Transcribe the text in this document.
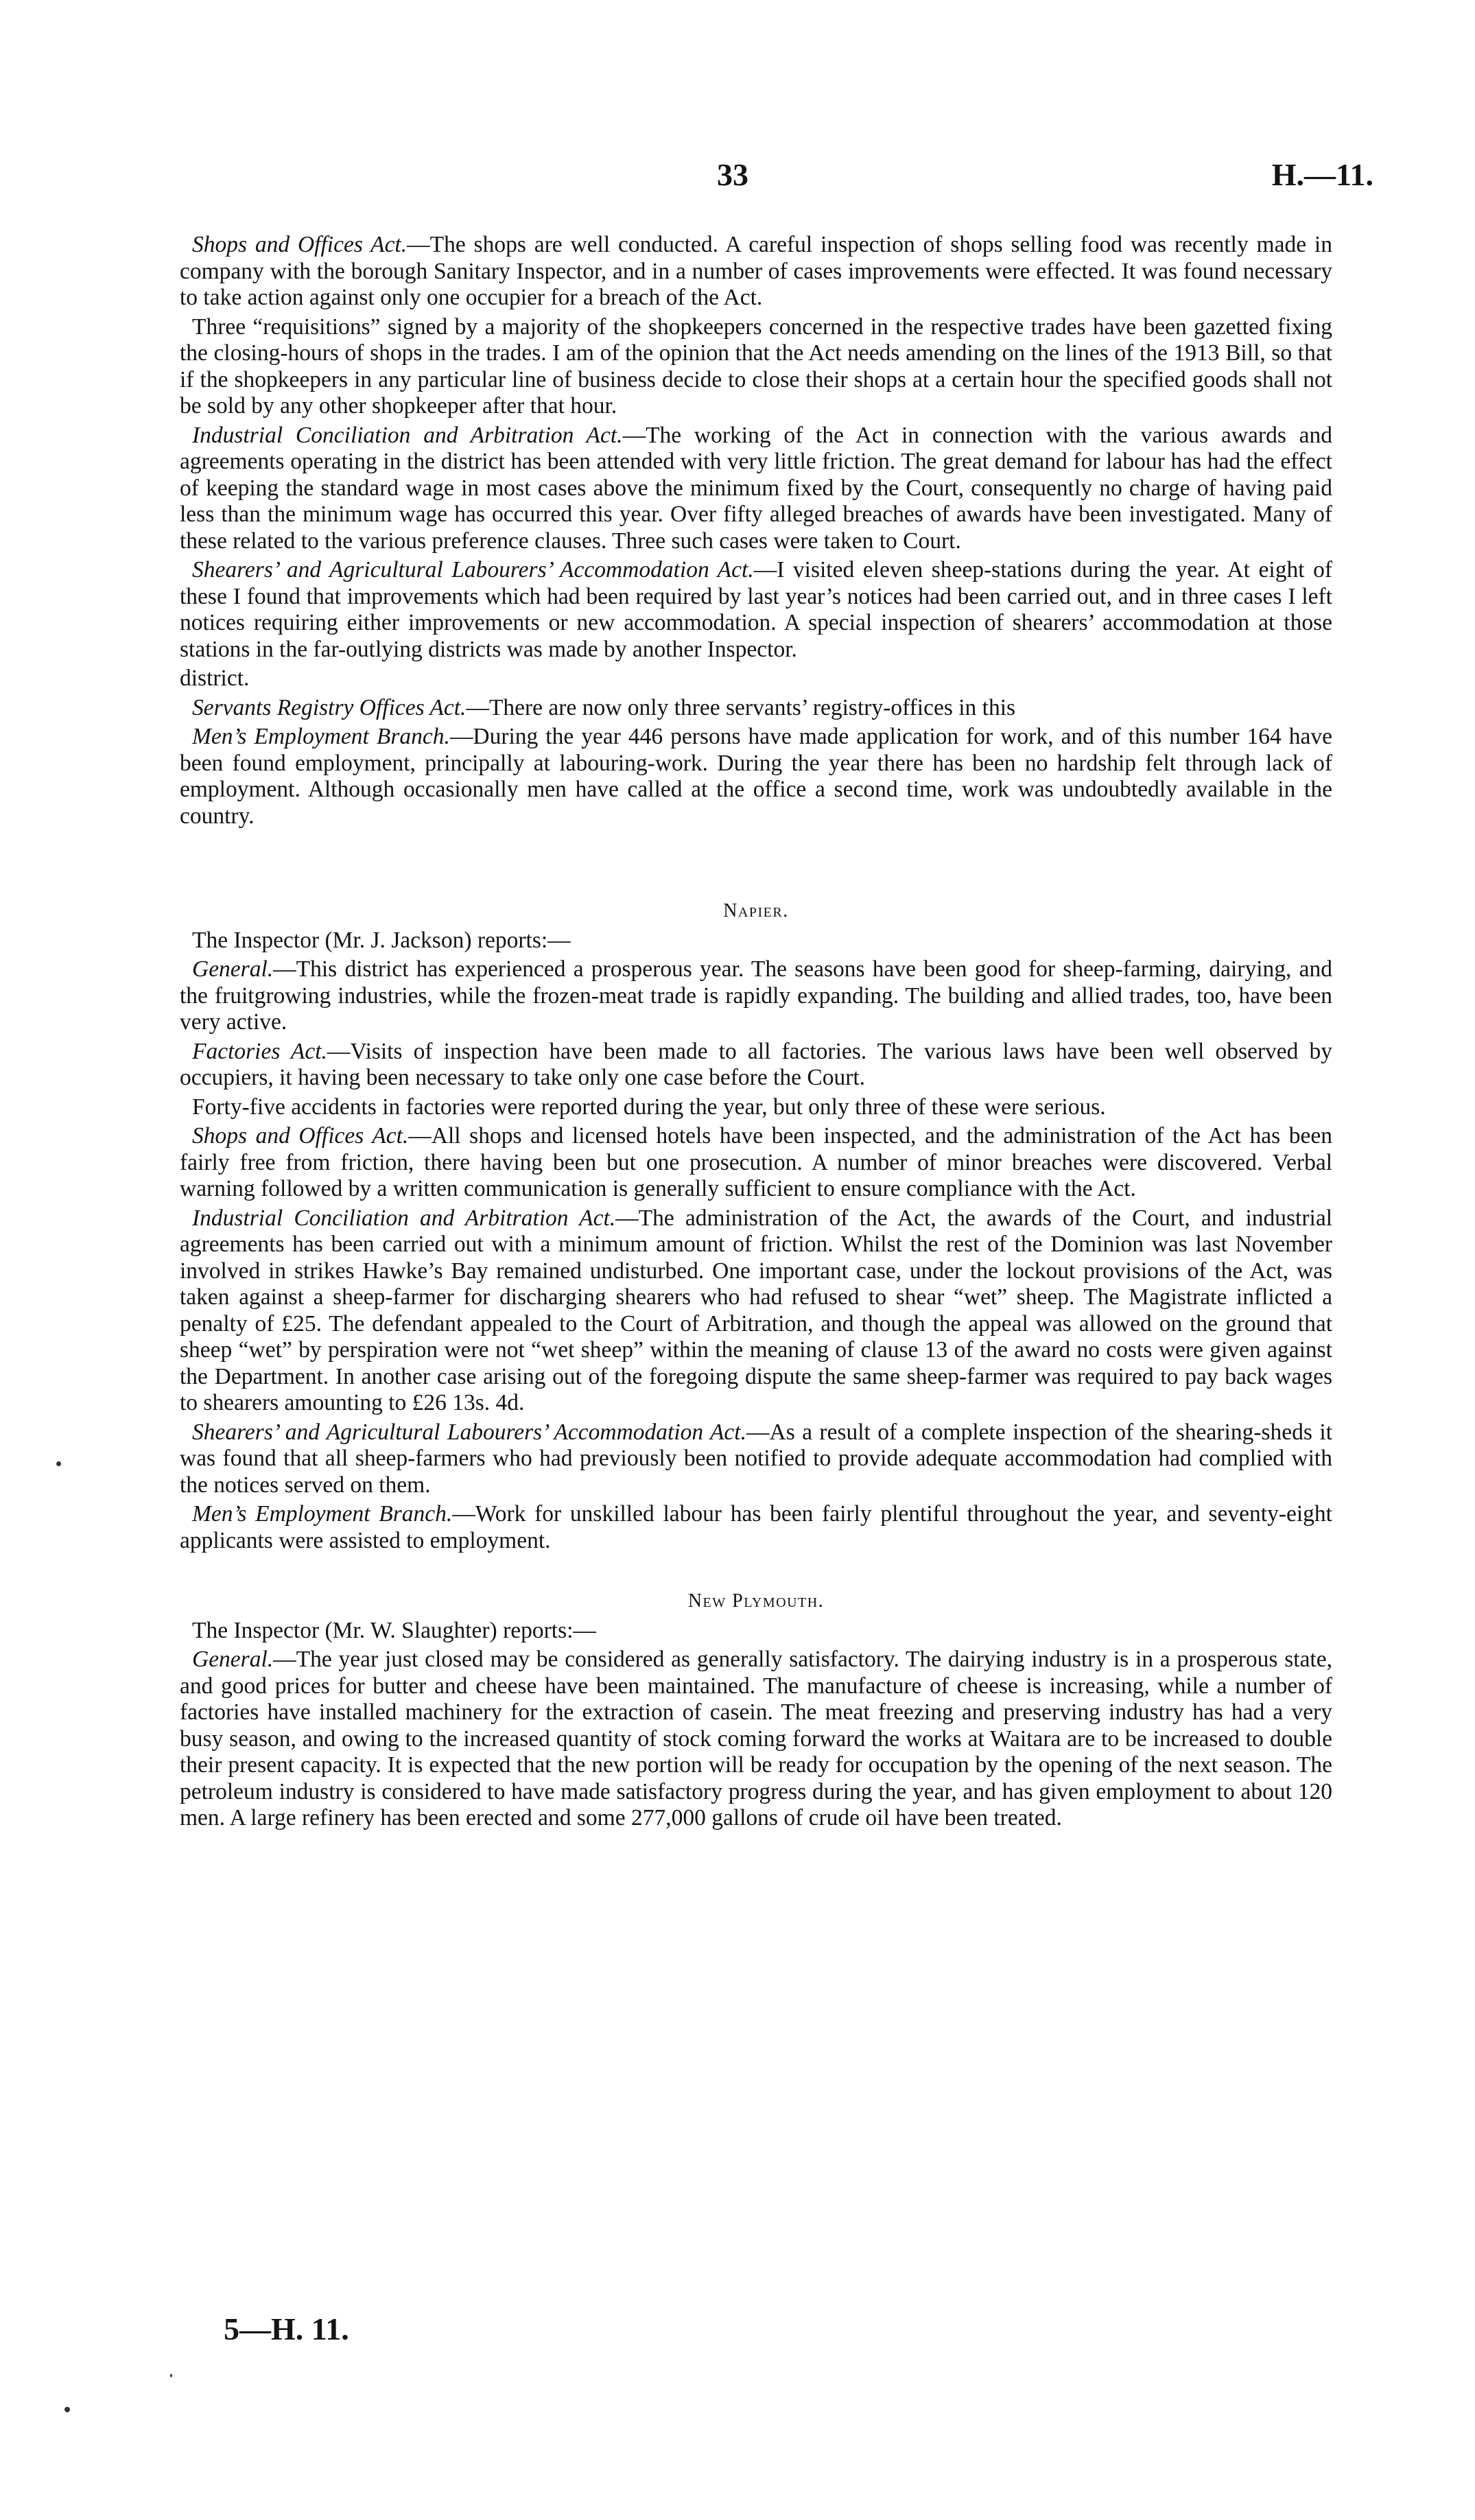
33	H.—11.

Shops and Offices Act.—The shops are well conducted. A careful inspection of shops selling food was recently made in company with the borough Sanitary Inspector, and in a number of cases improvements were effected. It was found necessary to take action against only one occupier for a breach of the Act.

Three “requisitions” signed by a majority of the shopkeepers concerned in the respective trades have been gazetted fixing the closing-hours of shops in the trades. I am of the opinion that the Act needs amending on the lines of the 1913 Bill, so that if the shopkeepers in any particular line of business decide to close their shops at a certain hour the specified goods shall not be sold by any other shopkeeper after that hour.

Industrial Conciliation and Arbitration Act.—The working of the Act in connection with the various awards and agreements operating in the district has been attended with very little friction. The great demand for labour has had the effect of keeping the standard wage in most cases above the minimum fixed by the Court, consequently no charge of having paid less than the minimum wage has occurred this year. Over fifty alleged breaches of awards have been investigated. Many of these related to the various preference clauses. Three such cases were taken to Court.

Shearers’ and Agricultural Labourers’ Accommodation Act.—I visited eleven sheep-stations during the year. At eight of these I found that improvements which had been required by last year’s notices had been carried out, and in three cases I left notices requiring either improvements or new accommodation. A special inspection of shearers’ accommodation at those stations in the far-outlying districts was made by another Inspector.

district.

Servants Registry Offices Act.—There are now only three servants’ registry-offices in this

Men’s Employment Branch.—During the year 446 persons have made application for work, and of this number 164 have been found employment, principally at labouring-work. During the year there has been no hardship felt through lack of employment. Although occasionally men have called at the office a second time, work was undoubtedly available in the country.

Napier.

The Inspector (Mr. J. Jackson) reports:—

General.—This district has experienced a prosperous year. The seasons have been good for sheep-farming, dairying, and the fruitgrowing industries, while the frozen-meat trade is rapidly expanding. The building and allied trades, too, have been very active.

Factories Act.—Visits of inspection have been made to all factories. The various laws have been well observed by occupiers, it having been necessary to take only one case before the Court.

Forty-five accidents in factories were reported during the year, but only three of these were serious.

Shops and Offices Act.—All shops and licensed hotels have been inspected, and the administration of the Act has been fairly free from friction, there having been but one prosecution. A number of minor breaches were discovered. Verbal warning followed by a written communication is generally sufficient to ensure compliance with the Act.

Industrial Conciliation and Arbitration Act.—The administration of the Act, the awards of the Court, and industrial agreements has been carried out with a minimum amount of friction. Whilst the rest of the Dominion was last November involved in strikes Hawke’s Bay remained undisturbed. One important case, under the lockout provisions of the Act, was taken against a sheep-farmer for discharging shearers who had refused to shear “wet” sheep. The Magistrate inflicted a penalty of £25. The defendant appealed to the Court of Arbitration, and though the appeal was allowed on the ground that sheep “wet” by perspiration were not “wet sheep” within the meaning of clause 13 of the award no costs were given against the Department. In another case arising out of the foregoing dispute the same sheep-farmer was required to pay back wages to shearers amounting to £26 13s. 4d.

Shearers’ and Agricultural Labourers’ Accommodation Act.—As a result of a complete inspection of the shearing-sheds it was found that all sheep-farmers who had previously been notified to provide adequate accommodation had complied with the notices served on them.

Men’s Employment Branch.—Work for unskilled labour has been fairly plentiful throughout the year, and seventy-eight applicants were assisted to employment.

New Plymouth.

The Inspector (Mr. W. Slaughter) reports:—

General.—The year just closed may be considered as generally satisfactory. The dairying industry is in a prosperous state, and good prices for butter and cheese have been maintained. The manufacture of cheese is increasing, while a number of factories have installed machinery for the extraction of casein. The meat freezing and preserving industry has had a very busy season, and owing to the increased quantity of stock coming forward the works at Waitara are to be increased to double their present capacity. It is expected that the new portion will be ready for occupation by the opening of the next season. The petroleum industry is considered to have made satisfactory progress during the year, and has given employment to about 120 men. A large refinery has been erected and some 277,000 gallons of crude oil have been treated.

5—H. 11.
